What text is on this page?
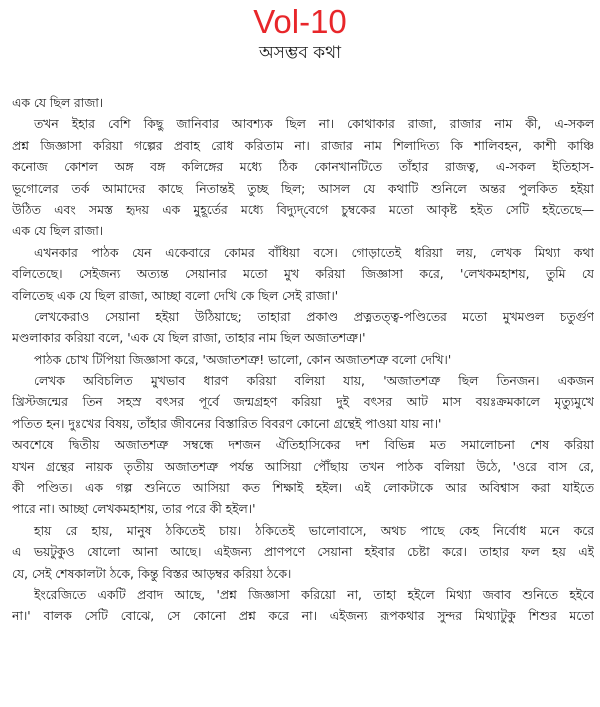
Vol-10
অসম্ভব কথা
এক যে ছিল রাজা।
তখন ইহার বেশি কিছু জানিবার আবশ্যক ছিল না। কোথাকার রাজা, রাজার নাম কী, এ-সকল
প্রশ্ন জিজ্ঞাসা করিয়া গল্পের প্রবাহ রোধ করিতাম না। রাজার নাম শিলাদিত্য কি শালিবহন, কাশী কাঞ্চি
কনোজ কোশল অঙ্গ বঙ্গ কলিঙ্গের মধ্যে ঠিক কোনখানটিতে তাঁহার রাজত্ব, এ-সকল ইতিহাস-
ভূগোলের তর্ক আমাদের কাছে নিতান্তই তুচ্ছ ছিল; আসল যে কথাটি শুনিলে অন্তর পুলকিত হইয়া
উঠিত এবং সমস্ত হৃদয় এক মুহূর্তের মধ্যে বিদ্যুদ্‌বেগে চুম্বকের মতো আকৃষ্ট হইত সেটি হইতেছে—
এক যে ছিল রাজা।
এখনকার পাঠক যেন একেবারে কোমর বাঁধিয়া বসে। গোড়াতেই ধরিয়া লয়, লেখক মিথ্যা কথা
বলিতেছে। সেইজন্য অত্যন্ত সেয়ানার মতো মুখ করিয়া জিজ্ঞাসা করে, 'লেখকমহাশয়, তুমি যে
বলিতেছ এক যে ছিল রাজা, আচ্ছা বলো দেখি কে ছিল সেই রাজা।'
লেখকেরাও সেয়ানা হইয়া উঠিয়াছে; তাহারা প্রকাণ্ড প্রত্নতত্ত্ব-পণ্ডিতের মতো মুখমণ্ডল চতুর্গুণ
মণ্ডলাকার করিয়া বলে, 'এক যে ছিল রাজা, তাহার নাম ছিল অজাতশত্রু।'
পাঠক চোখ টিপিয়া জিজ্ঞাসা করে, 'অজাতশত্রু! ভালো, কোন অজাতশত্রু বলো দেখি।'
লেখক অবিচলিত মুখভাব ধারণ করিয়া বলিয়া যায়, 'অজাতশত্রু ছিল তিনজন। একজন
খ্রিস্টজন্মের তিন সহস্র বৎসর পূর্বে জন্মগ্রহণ করিয়া দুই বৎসর আট মাস বয়ঃক্রমকালে মৃত্যুমুখে
পতিত হন। দুঃখের বিষয়, তাঁহার জীবনের বিস্তারিত বিবরণ কোনো গ্রন্থেই পাওয়া যায় না।'
অবশেষে দ্বিতীয় অজাতশত্রু সম্বন্ধে দশজন ঐতিহাসিকের দশ বিভিন্ন মত সমালোচনা শেষ করিয়া
যখন গ্রন্থের নায়ক তৃতীয় অজাতশত্রু পর্যন্ত আসিয়া পৌঁছায় তখন পাঠক বলিয়া উঠে, 'ওরে বাস রে,
কী পণ্ডিত। এক গল্প শুনিতে আসিয়া কত শিক্ষাই হইল। এই লোকটাকে আর অবিশ্বাস করা যাইতে
পারে না। আচ্ছা লেখকমহাশয়, তার পরে কী হইল।'
হায় রে হায়, মানুষ ঠকিতেই চায়। ঠকিতেই ভালোবাসে, অথচ পাছে কেহ নির্বোধ মনে করে
এ ভয়টুকুও ষোলো আনা আছে। এইজন্য প্রাণপণে সেয়ানা হইবার চেষ্টা করে। তাহার ফল হয় এই
যে, সেই শেষকালটা ঠকে, কিন্তু বিস্তর আড়ম্বর করিয়া ঠকে।
ইংরেজিতে একটি প্রবাদ আছে, 'প্রশ্ন জিজ্ঞাসা করিয়ো না, তাহা হইলে মিথ্যা জবাব শুনিতে হইবে
না।' বালক সেটি বোঝে, সে কোনো প্রশ্ন করে না। এইজন্য রূপকথার সুন্দর মিথ্যাটুকু শিশুর মতো
